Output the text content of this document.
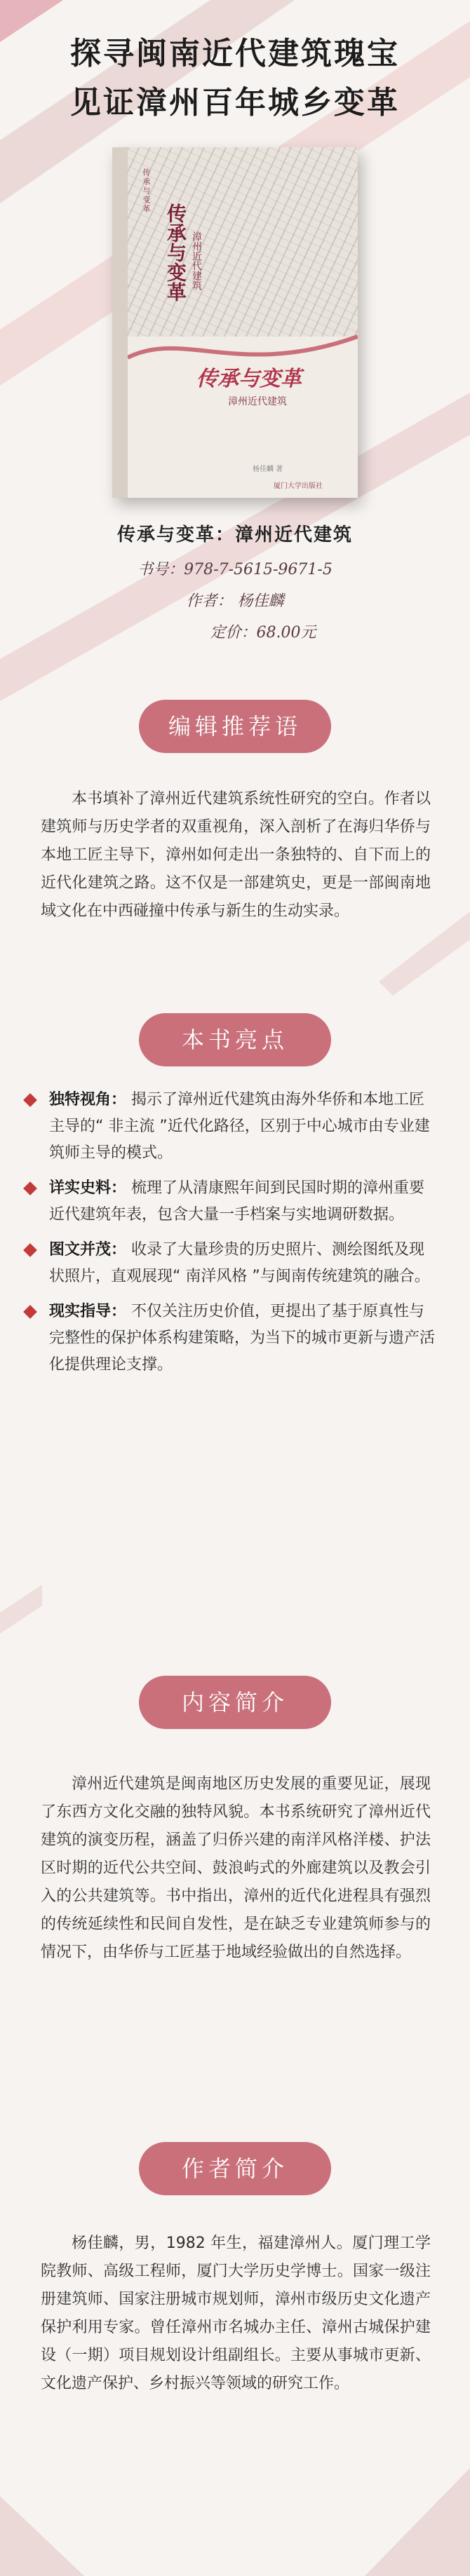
探寻闽南近代建筑瑰宝
见证漳州百年城乡变革
传承与变革
传承与变革 漳州近代建筑
传承与变革
漳州近代建筑
杨佳麟 著
厦门大学出版社
传承与变革：漳州近代建筑
书号：978-7-5615-9671-5
作者： 杨佳麟
定价：68.00元
编辑推荐语

本书填补了漳州近代建筑系统性研究的空白。作者以建筑师与历史学者的双重视角，深入剖析了在海归华侨与本地工匠主导下，漳州如何走出一条独特的、自下而上的近代化建筑之路。这不仅是一部建筑史，更是一部闽南地域文化在中西碰撞中传承与新生的生动实录。

本书亮点
独特视角： 揭示了漳州近代建筑由海外华侨和本地工匠主导的“ 非主流 ”近代化路径，区别于中心城市由专业建筑师主导的模式。
详实史料： 梳理了从清康熙年间到民国时期的漳州重要近代建筑年表，包含大量一手档案与实地调研数据。
图文并茂： 收录了大量珍贵的历史照片、测绘图纸及现状照片，直观展现“ 南洋风格 ”与闽南传统建筑的融合。
现实指导： 不仅关注历史价值，更提出了基于原真性与完整性的保护体系构建策略，为当下的城市更新与遗产活化提供理论支撑。
内容简介

漳州近代建筑是闽南地区历史发展的重要见证，展现了东西方文化交融的独特风貌。本书系统研究了漳州近代建筑的演变历程，涵盖了归侨兴建的南洋风格洋楼、护法区时期的近代公共空间、鼓浪屿式的外廊建筑以及教会引入的公共建筑等。书中指出，漳州的近代化进程具有强烈的传统延续性和民间自发性，是在缺乏专业建筑师参与的情况下，由华侨与工匠基于地域经验做出的自然选择。

作者简介

杨佳麟，男，1982 年生，福建漳州人。厦门理工学院教师、高级工程师，厦门大学历史学博士。国家一级注册建筑师、国家注册城市规划师，漳州市级历史文化遗产保护利用专家。曾任漳州市名城办主任、漳州古城保护建设（一期）项目规划设计组副组长。主要从事城市更新、文化遗产保护、乡村振兴等领域的研究工作。
